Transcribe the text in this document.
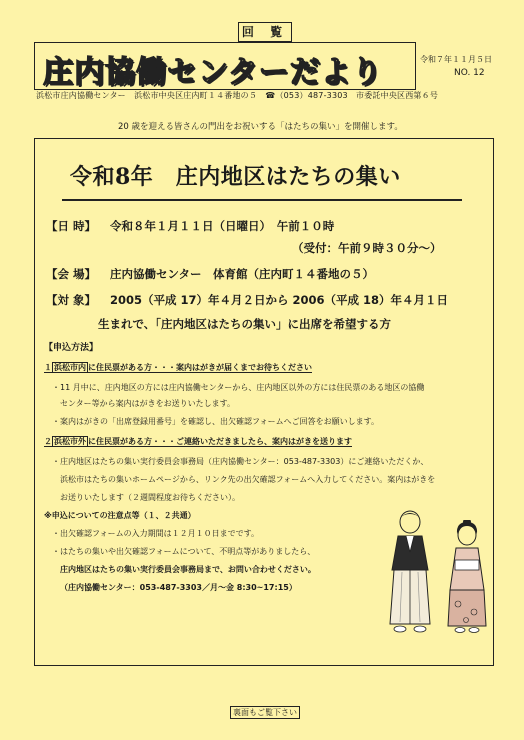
回 覧
庄内協働センターだより	令和７年１１月５日
NO. 12
浜松市庄内協働センター　浜松市中央区庄内町１４番地の５　☎（053）487-3303　市委託中央区西第６号
20 歳を迎える皆さんの門出をお祝いする「はたちの集い」を開催します。
令和8年　庄内地区はたちの集い
【日 時】 令和８年１月１１日（日曜日）　午前１０時
（受付：午前９時３０分～）
【会 場】 庄内協働センター　体育館（庄内町１４番地の５）
【対 象】 2005（平成 17）年４月２日から 2006（平成 18）年４月１日
生まれで、「庄内地区はたちの集い」に出席を希望する方
【申込方法】
１ 浜松市内 に住民票がある方・・・案内はがきが届くまでお待ちください
・11 月中に、庄内地区の方には庄内協働センターから、庄内地区以外の方には住民票のある地区の協働
センター等から案内はがきをお送りいたします。
・案内はがきの「出席登録用番号」を確認し、出欠確認フォームへご回答をお願いします。
２ 浜松市外 に住民票がある方・・・ご連絡いただきましたら、案内はがきを送ります
・庄内地区はたちの集い実行委員会事務局（庄内協働センター：053-487-3303）にご連絡いただくか、
浜松市はたちの集いホームページから、リンク先の出欠確認フォームへ入力してください。案内はがきを
お送りいたします（２週間程度お待ちください）。
※申込についての注意点等（１、２共通）
・出欠確認フォームの入力期間は１２月１０日までです。
・はたちの集いや出欠確認フォームについて、不明点等がありましたら、
庄内地区はたちの集い実行委員会事務局まで、お問い合わせください。
（庄内協働センター：053-487-3303／月～金 8:30~17:15）
裏面もご覧下さい
